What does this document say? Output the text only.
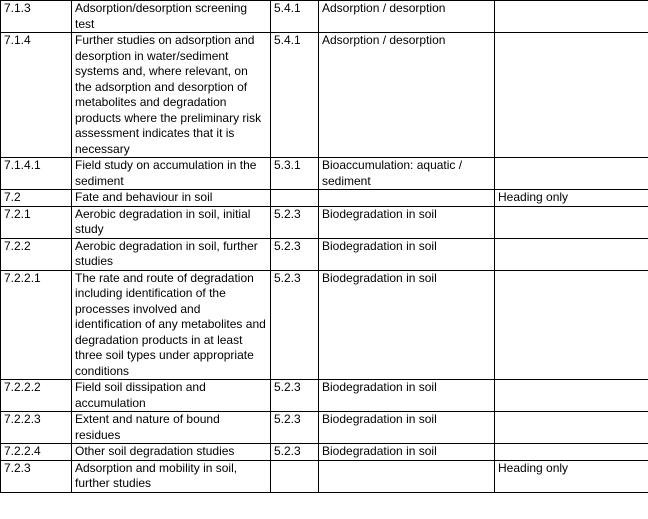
7.1.3	Adsorption/desorption screening test	5.4.1	Adsorption / desorption	
7.1.4	Further studies on adsorption and desorption in water/sediment systems and, where relevant, on the adsorption and desorption of metabolites and degradation products where the preliminary risk assessment indicates that it is necessary	5.4.1	Adsorption / desorption	
7.1.4.1	Field study on accumulation in the sediment	5.3.1	Bioaccumulation: aquatic / sediment	
7.2	Fate and behaviour in soil			Heading only
7.2.1	Aerobic degradation in soil, initial study	5.2.3	Biodegradation in soil	
7.2.2	Aerobic degradation in soil, further studies	5.2.3	Biodegradation in soil	
7.2.2.1	The rate and route of degradation including identification of the processes involved and identification of any metabolites and degradation products in at least three soil types under appropriate conditions	5.2.3	Biodegradation in soil	
7.2.2.2	Field soil dissipation and accumulation	5.2.3	Biodegradation in soil	
7.2.2.3	Extent and nature of bound residues	5.2.3	Biodegradation in soil	
7.2.2.4	Other soil degradation studies	5.2.3	Biodegradation in soil	
7.2.3	Adsorption and mobility in soil, further studies			Heading only
